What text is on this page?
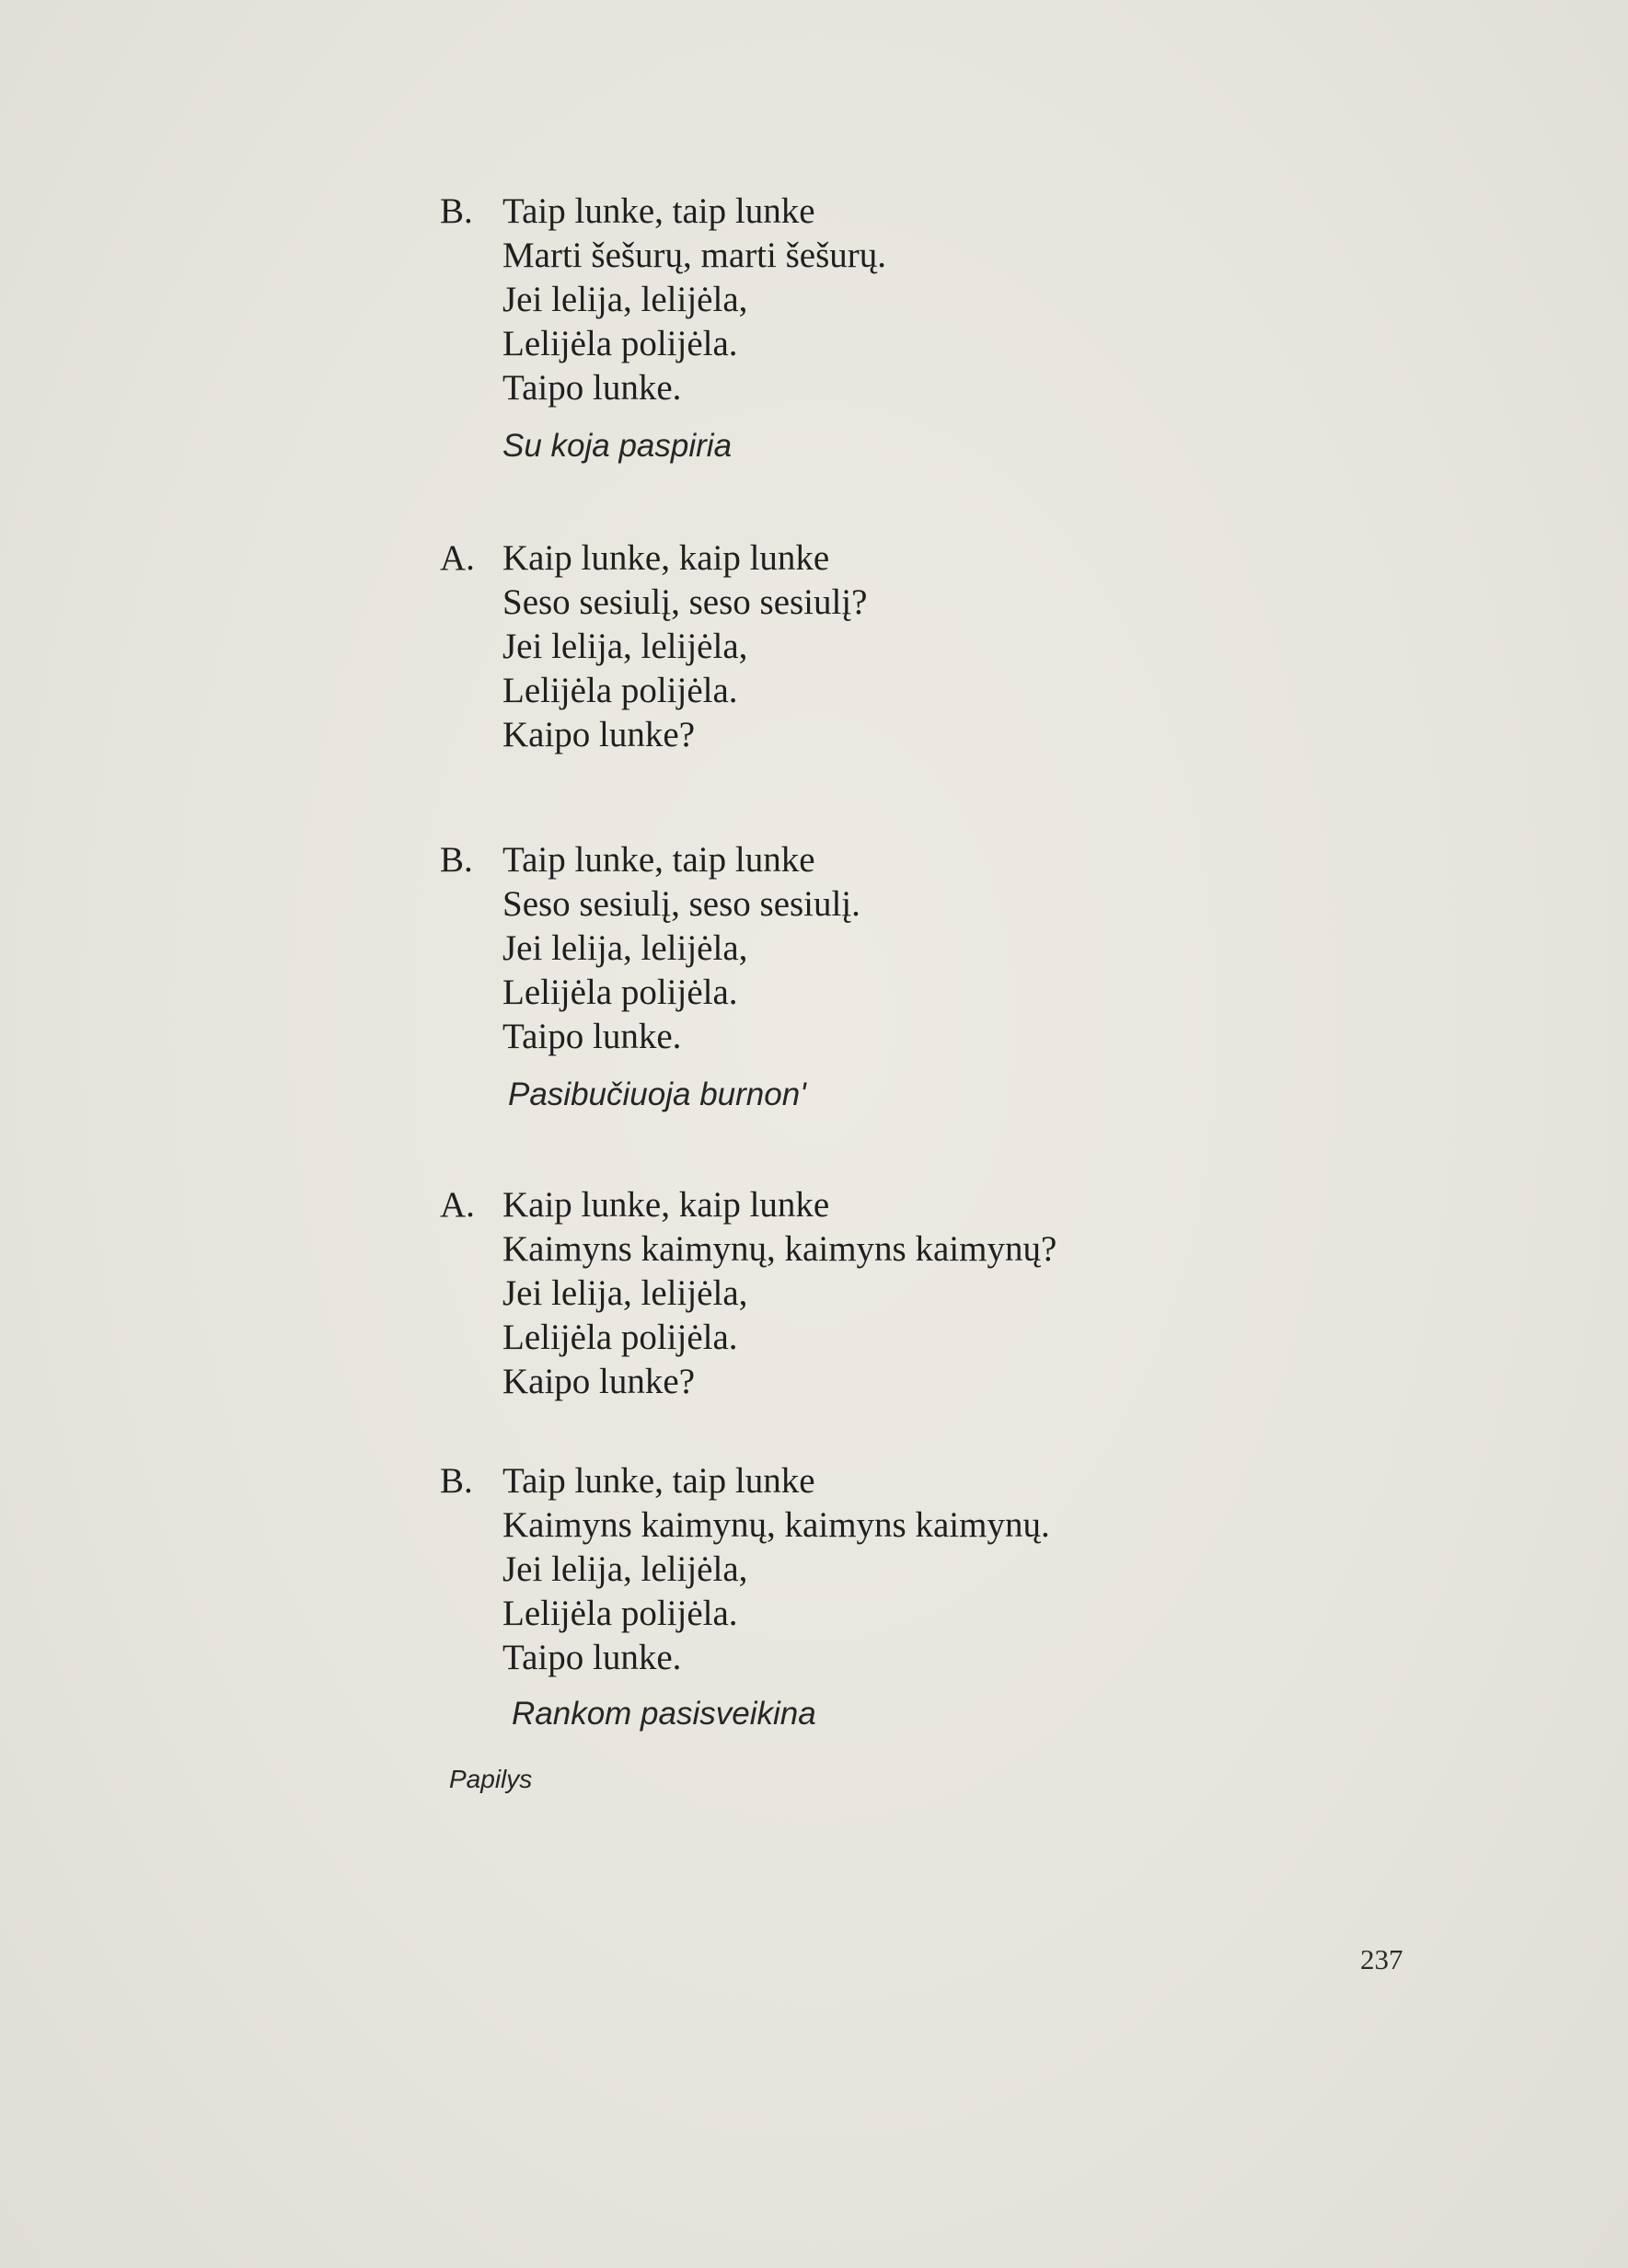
B. Taip lunke, taip lunke
Marti šešurų, marti šešurų.
Jei lelija, lelijėla,
Lelijėla polijėla.
Taipo lunke.
Su koja paspiria
A. Kaip lunke, kaip lunke
Seso sesiulį, seso sesiulį?
Jei lelija, lelijėla,
Lelijėla polijėla.
Kaipo lunke?
B. Taip lunke, taip lunke
Seso sesiulį, seso sesiulį.
Jei lelija, lelijėla,
Lelijėla polijėla.
Taipo lunke.
Pasibučiuoja burnon'
A. Kaip lunke, kaip lunke
Kaimyns kaimynų, kaimyns kaimynų?
Jei lelija, lelijėla,
Lelijėla polijėla.
Kaipo lunke?
B. Taip lunke, taip lunke
Kaimyns kaimynų, kaimyns kaimynų.
Jei lelija, lelijėla,
Lelijėla polijėla.
Taipo lunke.
Rankom pasisveikina
Papilys
237
